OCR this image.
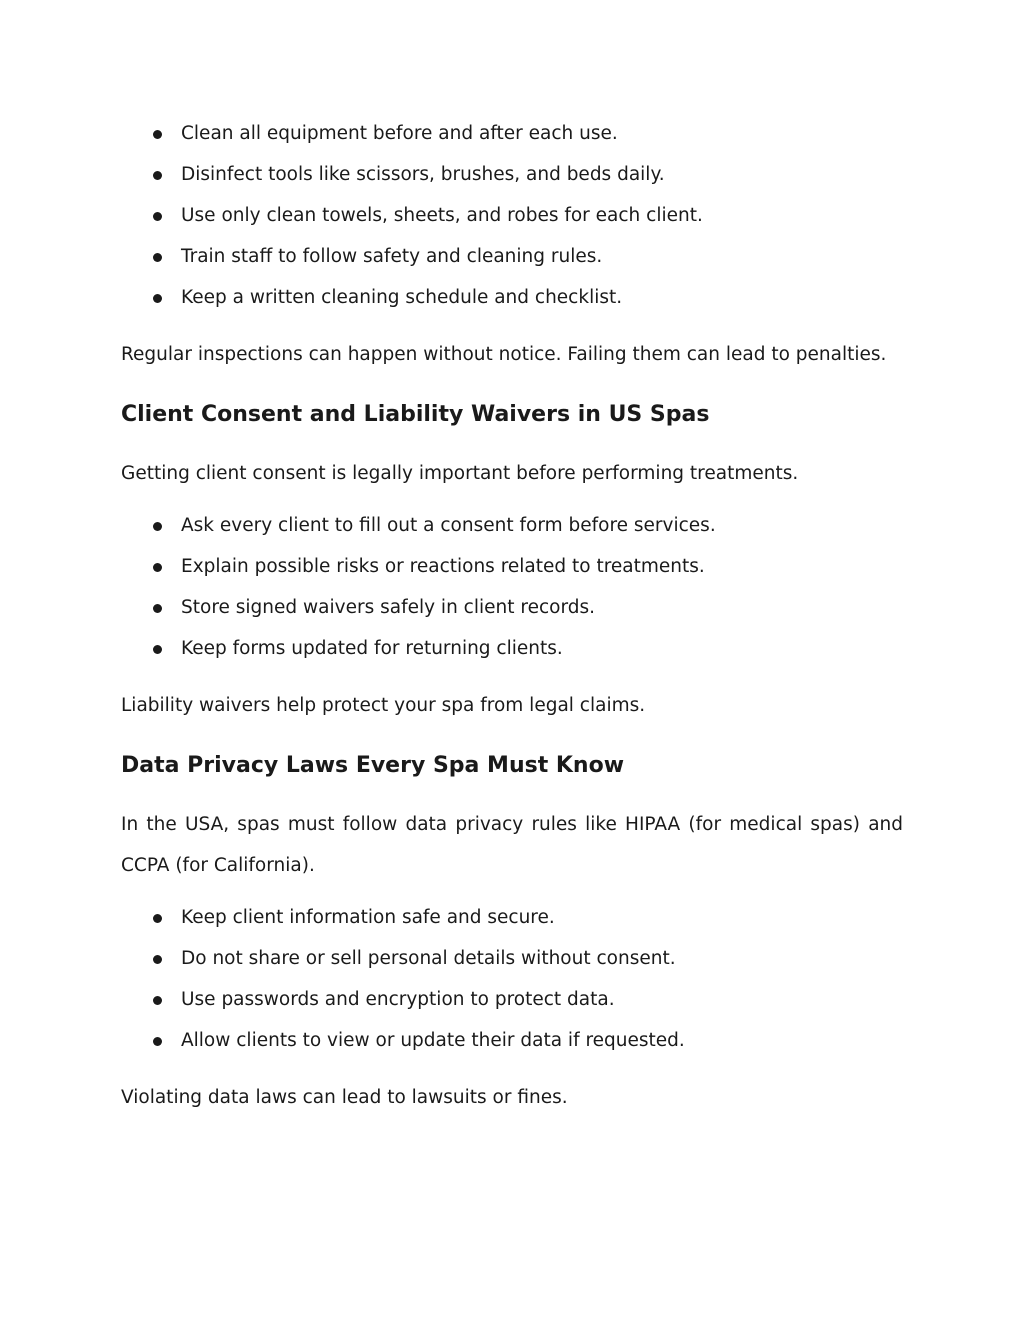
Clean all equipment before and after each use.
Disinfect tools like scissors, brushes, and beds daily.
Use only clean towels, sheets, and robes for each client.
Train staff to follow safety and cleaning rules.
Keep a written cleaning schedule and checklist.

Regular inspections can happen without notice. Failing them can lead to penalties.

Client Consent and Liability Waivers in US Spas

Getting client consent is legally important before performing treatments.

Ask every client to fill out a consent form before services.
Explain possible risks or reactions related to treatments.
Store signed waivers safely in client records.
Keep forms updated for returning clients.

Liability waivers help protect your spa from legal claims.

Data Privacy Laws Every Spa Must Know

In the USA, spas must follow data privacy rules like HIPAA (for medical spas) and CCPA (for California).

Keep client information safe and secure.
Do not share or sell personal details without consent.
Use passwords and encryption to protect data.
Allow clients to view or update their data if requested.

Violating data laws can lead to lawsuits or fines.
